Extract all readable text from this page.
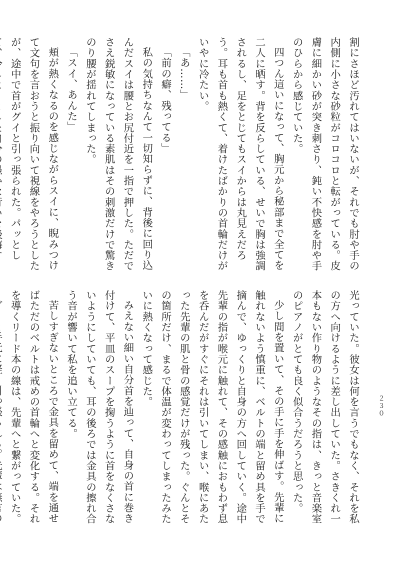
割にさほど汚れてはいないが、それでも肘や手の内側に小さな砂粒がコロコロと転がっている。皮膚に細かい砂が突き刺さり、鈍い不快感を肘や手のひらから感じていた。

四つん這いになって、胸元から秘部まで全てを二人に晒す。背を反らしている、せいで胸は強調されるし、足をとじてもスイからは丸見えだろう。耳も首も熱くて、着けたばかりの首輪だけがいやに冷たい。

「あ……」

「前の癖、残ってる」

私の気持ちなんて一切知らずに、背後に回り込んだスイは腰とお尻付近を一指で押した。ただでさえ鋭敏になっている素肌はその刺激だけで驚きのり腰が揺れてしまった。

「スイ、あんた」

頬が熱くなるのを感じながらスイに、睨みつけて文句を言おうと振り向いて視線をやろうとしたが、途中で首がグイと引っ張られた。パッとし

光っていた。彼女は何を言うでもなく、それを私の方へ向けるように差し出していた。さきくれ一本もない作り物のようなその指は、きっと音楽室のピアノがとても良く似合うだろうと思った。

少し間を置いて、その手に手を伸ばす。先輩に触れないよう慎重に、ベルトの端と留め具を手で摘んで、ゆっくりと自身の方へ回していく。途中先輩の指が喉元に触れて、その感触におもわず息を呑んだがすぐにそれは引いてしまい、喉にあたった先輩の肌と骨の感覚だけが残った。ぐんとその箇所だけ、まるで体温が変わってしまったみたいに熱くなって感じた。

みえない細い自分首を辿って、自身の首に巻き付けて、平皿のスープを掬うように首をなくさないようにしていても、耳の後ろでは金具の擦れ合う音が響いて私を追い立てる。

苦しすぎないところで金具を留めて、端を通せばただのベルトは戒めの首輪へと変化する。それを導くリード本の線は、先輩へと繋がっていた。	２３０
